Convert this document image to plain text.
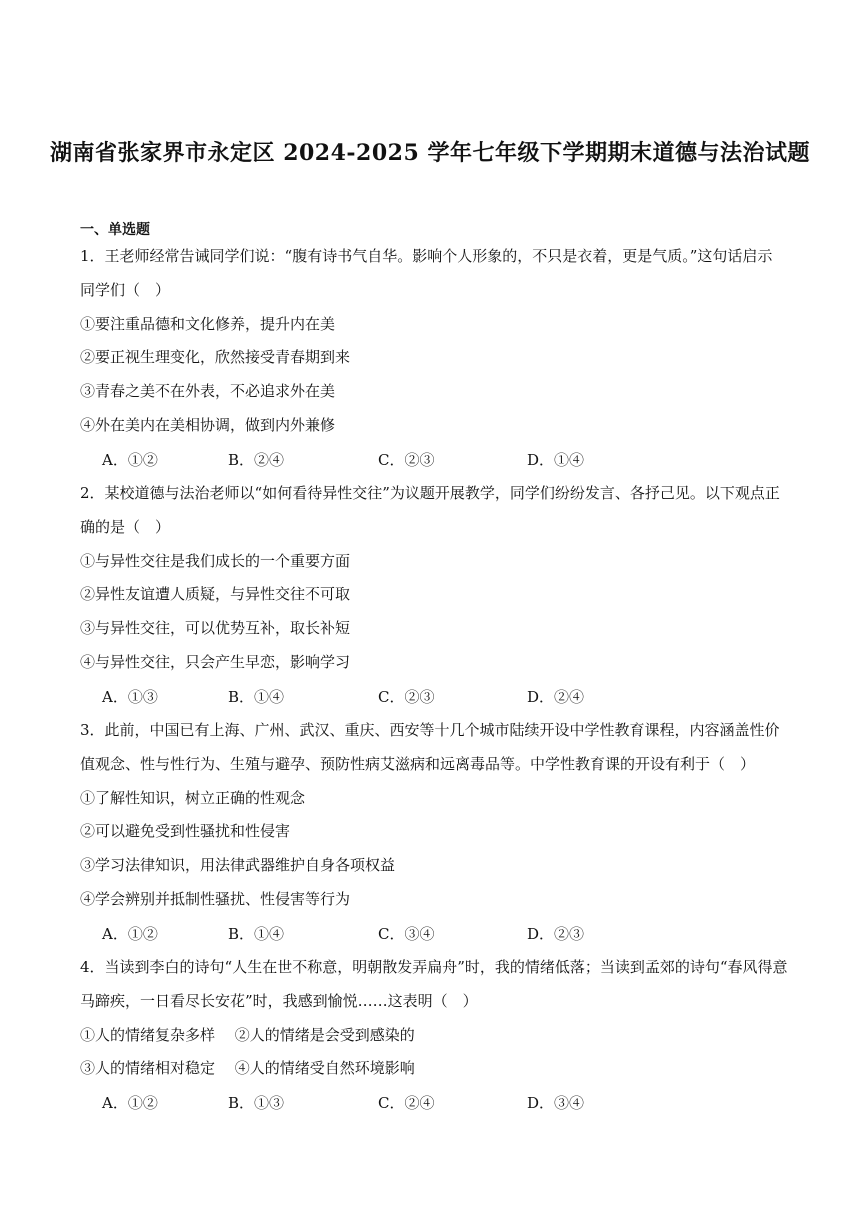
湖南省张家界市永定区 2024-2025 学年七年级下学期期末道德与法治试题
一、单选题
1．王老师经常告诫同学们说：“腹有诗书气自华。影响个人形象的，不只是衣着，更是气质。”这句话启示
同学们（　）
①要注重品德和文化修养，提升内在美
②要正视生理变化，欣然接受青春期到来
③青春之美不在外表，不必追求外在美
④外在美内在美相协调，做到内外兼修
A．①②	B．②④	C．②③	D．①④
2．某校道德与法治老师以“如何看待异性交往”为议题开展教学，同学们纷纷发言、各抒己见。以下观点正
确的是（　）
①与异性交往是我们成长的一个重要方面
②异性友谊遭人质疑，与异性交往不可取
③与异性交往，可以优势互补，取长补短
④与异性交往，只会产生早恋，影响学习
A．①③	B．①④	C．②③	D．②④
3．此前，中国已有上海、广州、武汉、重庆、西安等十几个城市陆续开设中学性教育课程，内容涵盖性价
值观念、性与性行为、生殖与避孕、预防性病艾滋病和远离毒品等。中学性教育课的开设有利于（　）
①了解性知识，树立正确的性观念
②可以避免受到性骚扰和性侵害
③学习法律知识，用法律武器维护自身各项权益
④学会辨别并抵制性骚扰、性侵害等行为
A．①②	B．①④	C．③④	D．②③
4．当读到李白的诗句“人生在世不称意，明朝散发弄扁舟”时，我的情绪低落；当读到孟郊的诗句“春风得意
马蹄疾，一日看尽长安花”时，我感到愉悦……这表明（　）
①人的情绪复杂多样　 ②人的情绪是会受到感染的
③人的情绪相对稳定　 ④人的情绪受自然环境影响
A．①②	B．①③	C．②④	D．③④
